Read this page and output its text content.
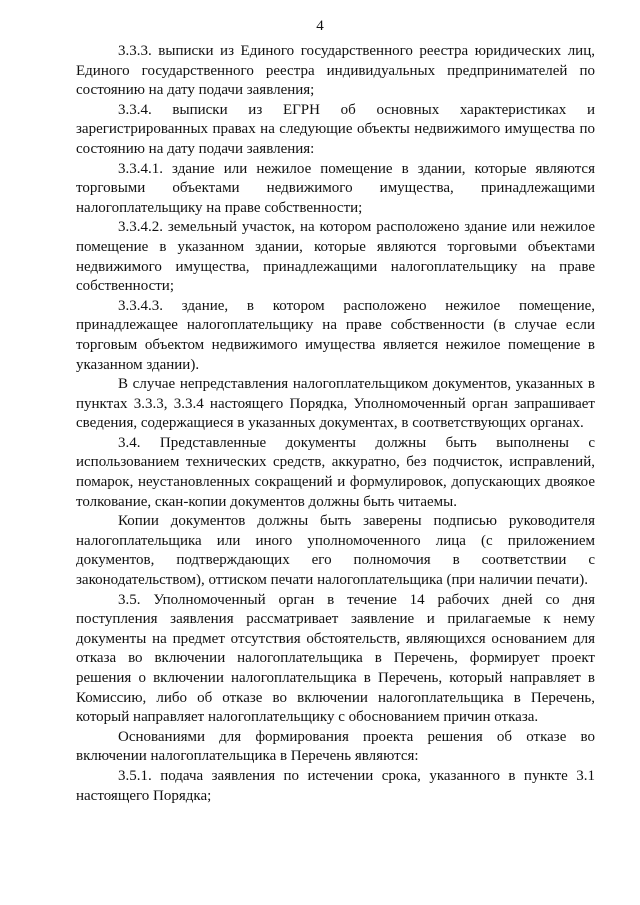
4

3.3.3. выписки из Единого государственного реестра юридических лиц, Единого государственного реестра индивидуальных предпринимателей по состоянию на дату подачи заявления;

3.3.4. выписки из ЕГРН об основных характеристиках и зарегистрированных правах на следующие объекты недвижимого имущества по состоянию на дату подачи заявления:

3.3.4.1. здание или нежилое помещение в здании, которые являются торговыми объектами недвижимого имущества, принадлежащими налогоплательщику на праве собственности;

3.3.4.2. земельный участок, на котором расположено здание или нежилое помещение в указанном здании, которые являются торговыми объектами недвижимого имущества, принадлежащими налогоплательщику на праве собственности;

3.3.4.3. здание, в котором расположено нежилое помещение, принадлежащее налогоплательщику на праве собственности (в случае если торговым объектом недвижимого имущества является нежилое помещение в указанном здании).

В случае непредставления налогоплательщиком документов, указанных в пунктах 3.3.3, 3.3.4 настоящего Порядка, Уполномоченный орган запрашивает сведения, содержащиеся в указанных документах, в соответствующих органах.

3.4. Представленные документы должны быть выполнены с использованием технических средств, аккуратно, без подчисток, исправлений, помарок, неустановленных сокращений и формулировок, допускающих двоякое толкование, скан-копии документов должны быть читаемы.

Копии документов должны быть заверены подписью руководителя налогоплательщика или иного уполномоченного лица (с приложением документов, подтверждающих его полномочия в соответствии с законодательством), оттиском печати налогоплательщика (при наличии печати).

3.5. Уполномоченный орган в течение 14 рабочих дней со дня поступления заявления рассматривает заявление и прилагаемые к нему документы на предмет отсутствия обстоятельств, являющихся основанием для отказа во включении налогоплательщика в Перечень, формирует проект решения о включении налогоплательщика в Перечень, который направляет в Комиссию, либо об отказе во включении налогоплательщика в Перечень, который направляет налогоплательщику с обоснованием причин отказа.

Основаниями для формирования проекта решения об отказе во включении налогоплательщика в Перечень являются:

3.5.1. подача заявления по истечении срока, указанного в пункте 3.1 настоящего Порядка;
